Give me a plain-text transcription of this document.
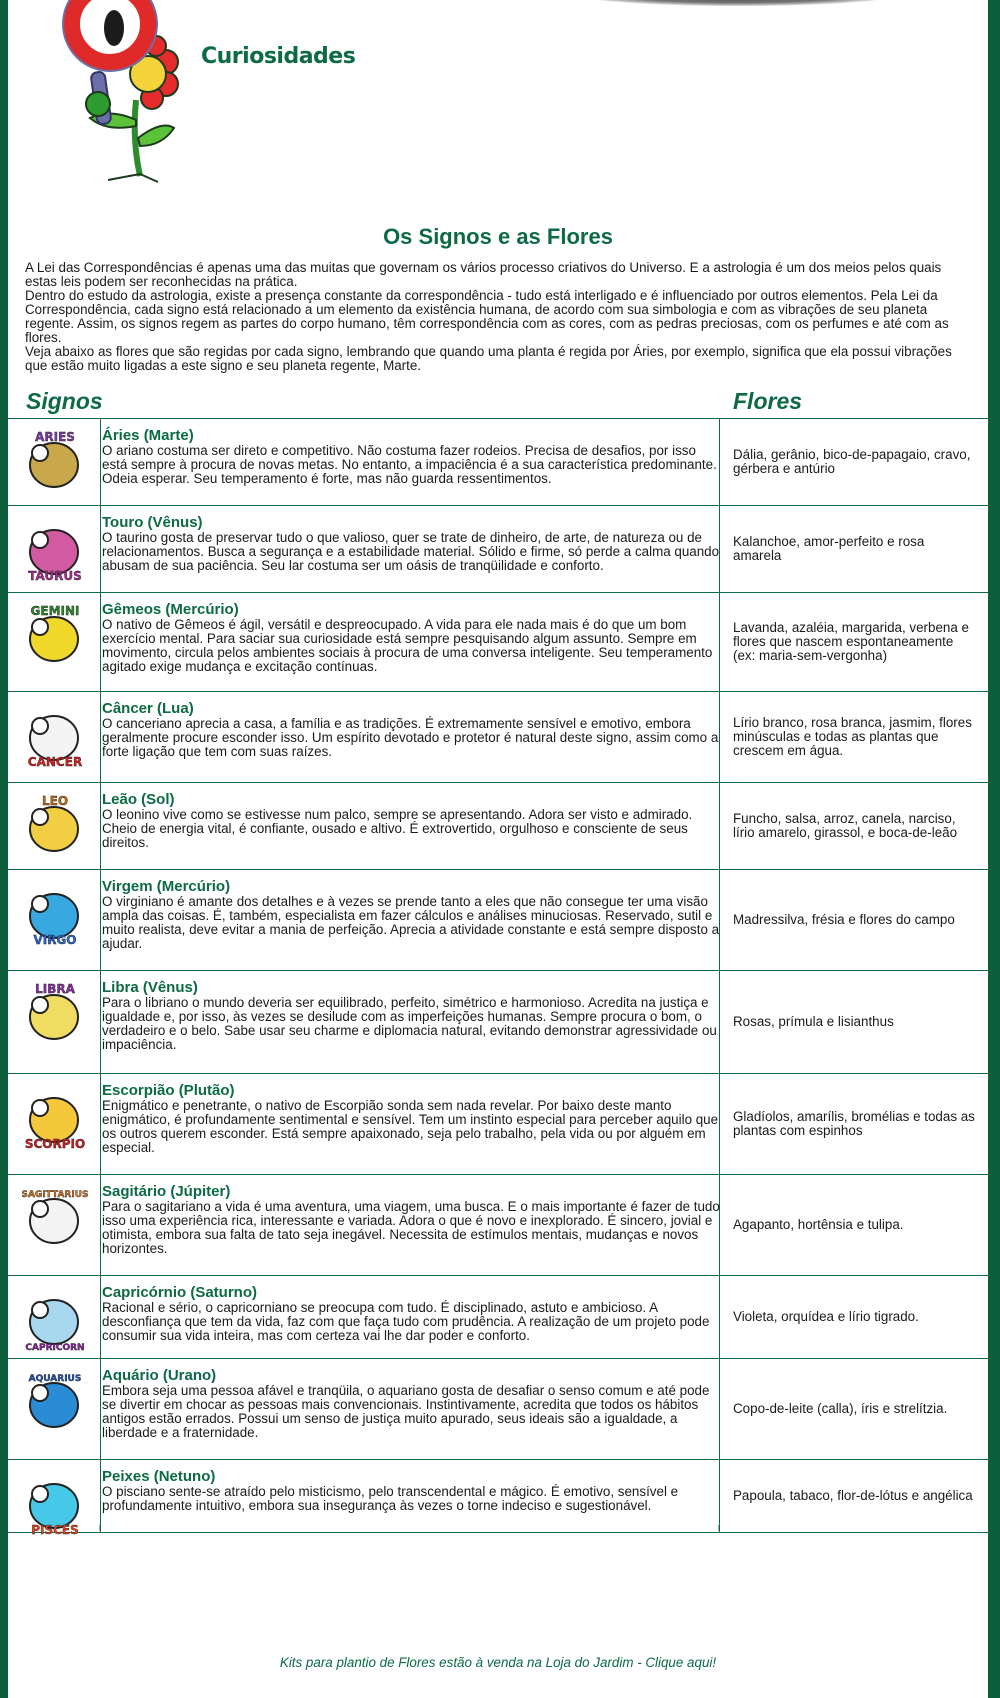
Curiosidades
Os Signos e as Flores

A Lei das Correspondências é apenas uma das muitas que governam os vários processo criativos do Universo. E a astrologia é um dos meios pelos quais estas leis podem ser reconhecidas na prática.

Dentro do estudo da astrologia, existe a presença constante da correspondência - tudo está interligado e é influenciado por outros elementos. Pela Lei da Correspondência, cada signo está relacionado a um elemento da existência humana, de acordo com sua simbologia e com as vibrações de seu planeta regente. Assim, os signos regem as partes do corpo humano, têm correspondência com as cores, com as pedras preciosas, com os perfumes e até com as flores.

Veja abaixo as flores que são regidas por cada signo, lembrando que quando uma planta é regida por Áries, por exemplo, significa que ela possui vibrações que estão muito ligadas a este signo e seu planeta regente, Marte.

Signos	Flores
ARIES Áries (Marte)
O ariano costuma ser direto e competitivo. Não costuma fazer rodeios. Precisa de desafios, por isso está sempre à procura de novas metas. No entanto, a impaciência é a sua característica predominante. Odeia esperar. Seu temperamento é forte, mas não guarda ressentimentos.
Dália, gerânio, bico-de-papagaio, cravo, gérbera e antúrio
TAURUS
Touro (Vênus)
O taurino gosta de preservar tudo o que valioso, quer se trate de dinheiro, de arte, de natureza ou de relacionamentos. Busca a segurança e a estabilidade material. Sólido e firme, só perde a calma quando abusam de sua paciência. Seu lar costuma ser um oásis de tranqüilidade e conforto.
Kalanchoe, amor-perfeito e rosa amarela
GEMINI Gêmeos (Mercúrio)
O nativo de Gêmeos é ágil, versátil e despreocupado. A vida para ele nada mais é do que um bom exercício mental. Para saciar sua curiosidade está sempre pesquisando algum assunto. Sempre em movimento, circula pelos ambientes sociais à procura de uma conversa inteligente. Seu temperamento agitado exige mudança e excitação contínuas.
Lavanda, azaléia, margarida, verbena e flores que nascem espontaneamente (ex: maria-sem-vergonha)
CANCER
Câncer (Lua)
O canceriano aprecia a casa, a família e as tradições. É extremamente sensível e emotivo, embora geralmente procure esconder isso. Um espírito devotado e protetor é natural deste signo, assim como a forte ligação que tem com suas raízes.
Lírio branco, rosa branca, jasmim, flores minúsculas e todas as plantas que crescem em água.
LEO Leão (Sol)
O leonino vive como se estivesse num palco, sempre se apresentando. Adora ser visto e admirado. Cheio de energia vital, é confiante, ousado e altivo. É extrovertido, orgulhoso e consciente de seus direitos.
Funcho, salsa, arroz, canela, narciso, lírio amarelo, girassol, e boca-de-leão
VIRGO
Virgem (Mercúrio)
O virginiano é amante dos detalhes e à vezes se prende tanto a eles que não consegue ter uma visão ampla das coisas. É, também, especialista em fazer cálculos e análises minuciosas. Reservado, sutil e muito realista, deve evitar a mania de perfeição. Aprecia a atividade constante e está sempre disposto a ajudar.
Madressilva, frésia e flores do campo
LIBRA Libra (Vênus)
Para o libriano o mundo deveria ser equilibrado, perfeito, simétrico e harmonioso. Acredita na justiça e igualdade e, por isso, às vezes se desilude com as imperfeições humanas. Sempre procura o bom, o verdadeiro e o belo. Sabe usar seu charme e diplomacia natural, evitando demonstrar agressividade ou impaciência.
Rosas, prímula e lisianthus
SCORPIO
Escorpião (Plutão)
Enigmático e penetrante, o nativo de Escorpião sonda sem nada revelar. Por baixo deste manto enigmático, é profundamente sentimental e sensível. Tem um instinto especial para perceber aquilo que os outros querem esconder. Está sempre apaixonado, seja pelo trabalho, pela vida ou por alguém em especial.
Gladíolos, amarílis, bromélias e todas as plantas com espinhos
SAGITTARIUS Sagitário (Júpiter)
Para o sagitariano a vida é uma aventura, uma viagem, uma busca. E o mais importante é fazer de tudo isso uma experiência rica, interessante e variada. Adora o que é novo e inexplorado. É sincero, jovial e otimista, embora sua falta de tato seja inegável. Necessita de estímulos mentais, mudanças e novos horizontes.
Agapanto, hortênsia e tulipa.
CAPRICORN
Capricórnio (Saturno)
Racional e sério, o capricorniano se preocupa com tudo. É disciplinado, astuto e ambicioso. A desconfiança que tem da vida, faz com que faça tudo com prudência. A realização de um projeto pode consumir sua vida inteira, mas com certeza vai lhe dar poder e conforto.
Violeta, orquídea e lírio tigrado.
AQUARIUS Aquário (Urano)
Embora seja uma pessoa afável e tranqüila, o aquariano gosta de desafiar o senso comum e até pode se divertir em chocar as pessoas mais convencionais. Instintivamente, acredita que todos os hábitos antigos estão errados. Possui um senso de justiça muito apurado, seus ideais são a igualdade, a liberdade e a fraternidade.
Copo-de-leite (calla), íris e strelítzia.
PISCES
Peixes (Netuno)
O pisciano sente-se atraído pelo misticismo, pelo transcendental e mágico. É emotivo, sensível e profundamente intuitivo, embora sua insegurança às vezes o torne indeciso e sugestionável.
Papoula, tabaco, flor-de-lótus e angélica
Kits para plantio de Flores estão à venda na Loja do Jardim - Clique aqui!
